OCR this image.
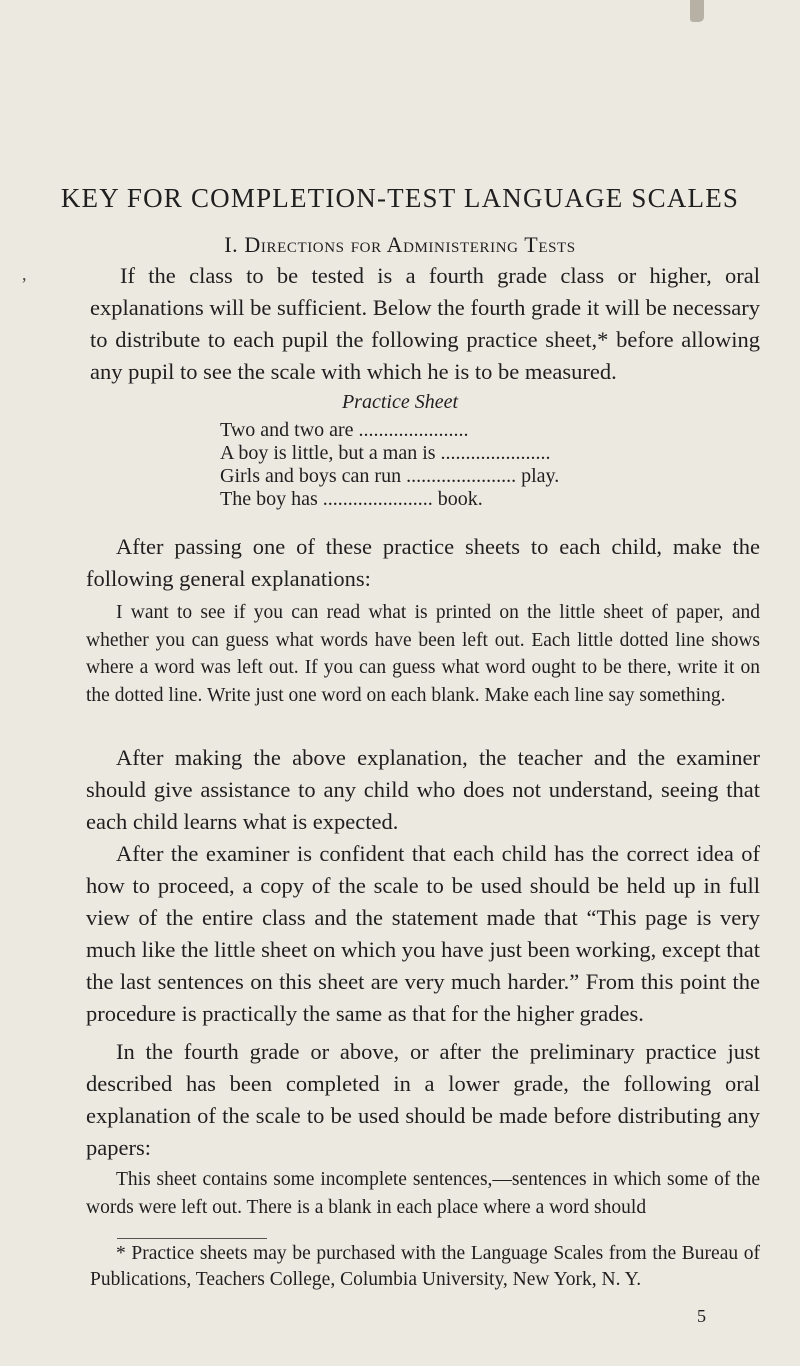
,
KEY FOR COMPLETION-TEST LANGUAGE SCALES
I. Directions for Administering Tests

If the class to be tested is a fourth grade class or higher, oral explanations will be sufficient. Below the fourth grade it will be necessary to distribute to each pupil the following practice sheet,* before allowing any pupil to see the scale with which he is to be measured.

Practice Sheet
Two and two are ......................
A boy is little, but a man is ......................
Girls and boys can run ...................... play.
The boy has ...................... book.

After passing one of these practice sheets to each child, make the following general explanations:

I want to see if you can read what is printed on the little sheet of paper, and whether you can guess what words have been left out. Each little dotted line shows where a word was left out. If you can guess what word ought to be there, write it on the dotted line. Write just one word on each blank. Make each line say something.

After making the above explanation, the teacher and the examiner should give assistance to any child who does not understand, seeing that each child learns what is expected.

After the examiner is confident that each child has the correct idea of how to proceed, a copy of the scale to be used should be held up in full view of the entire class and the statement made that “This page is very much like the little sheet on which you have just been working, except that the last sentences on this sheet are very much harder.” From this point the procedure is practically the same as that for the higher grades.

In the fourth grade or above, or after the preliminary practice just described has been completed in a lower grade, the following oral explanation of the scale to be used should be made before distributing any papers:

This sheet contains some incomplete sentences,—sentences in which some of the words were left out. There is a blank in each place where a word should

* Practice sheets may be purchased with the Language Scales from the Bureau of Publications, Teachers College, Columbia University, New York, N. Y.

5
